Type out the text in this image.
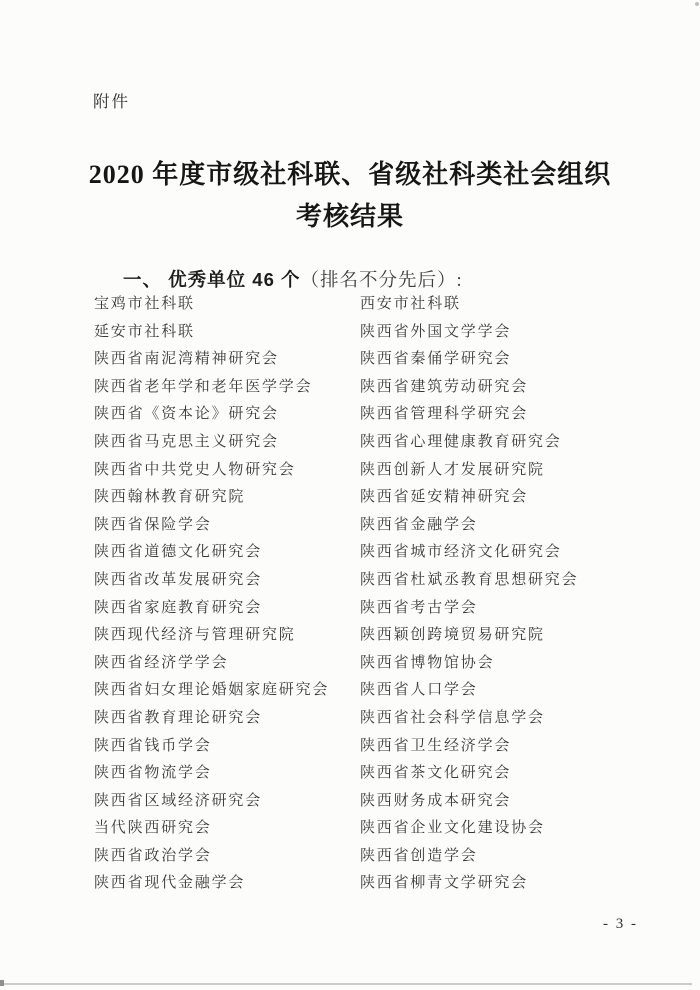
附件
2020 年度市级社科联、省级社科类社会组织
考核结果
一、 优秀单位 46 个（排名不分先后）:
宝鸡市社科联
延安市社科联
陕西省南泥湾精神研究会
陕西省老年学和老年医学学会
陕西省《资本论》研究会
陕西省马克思主义研究会
陕西省中共党史人物研究会
陕西翰林教育研究院
陕西省保险学会
陕西省道德文化研究会
陕西省改革发展研究会
陕西省家庭教育研究会
陕西现代经济与管理研究院
陕西省经济学学会
陕西省妇女理论婚姻家庭研究会
陕西省教育理论研究会
陕西省钱币学会
陕西省物流学会
陕西省区域经济研究会
当代陕西研究会
陕西省政治学会
陕西省现代金融学会
西安市社科联
陕西省外国文学学会
陕西省秦俑学研究会
陕西省建筑劳动研究会
陕西省管理科学研究会
陕西省心理健康教育研究会
陕西创新人才发展研究院
陕西省延安精神研究会
陕西省金融学会
陕西省城市经济文化研究会
陕西省杜斌丞教育思想研究会
陕西省考古学会
陕西颖创跨境贸易研究院
陕西省博物馆协会
陕西省人口学会
陕西省社会科学信息学会
陕西省卫生经济学会
陕西省茶文化研究会
陕西财务成本研究会
陕西省企业文化建设协会
陕西省创造学会
陕西省柳青文学研究会
- 3 -
